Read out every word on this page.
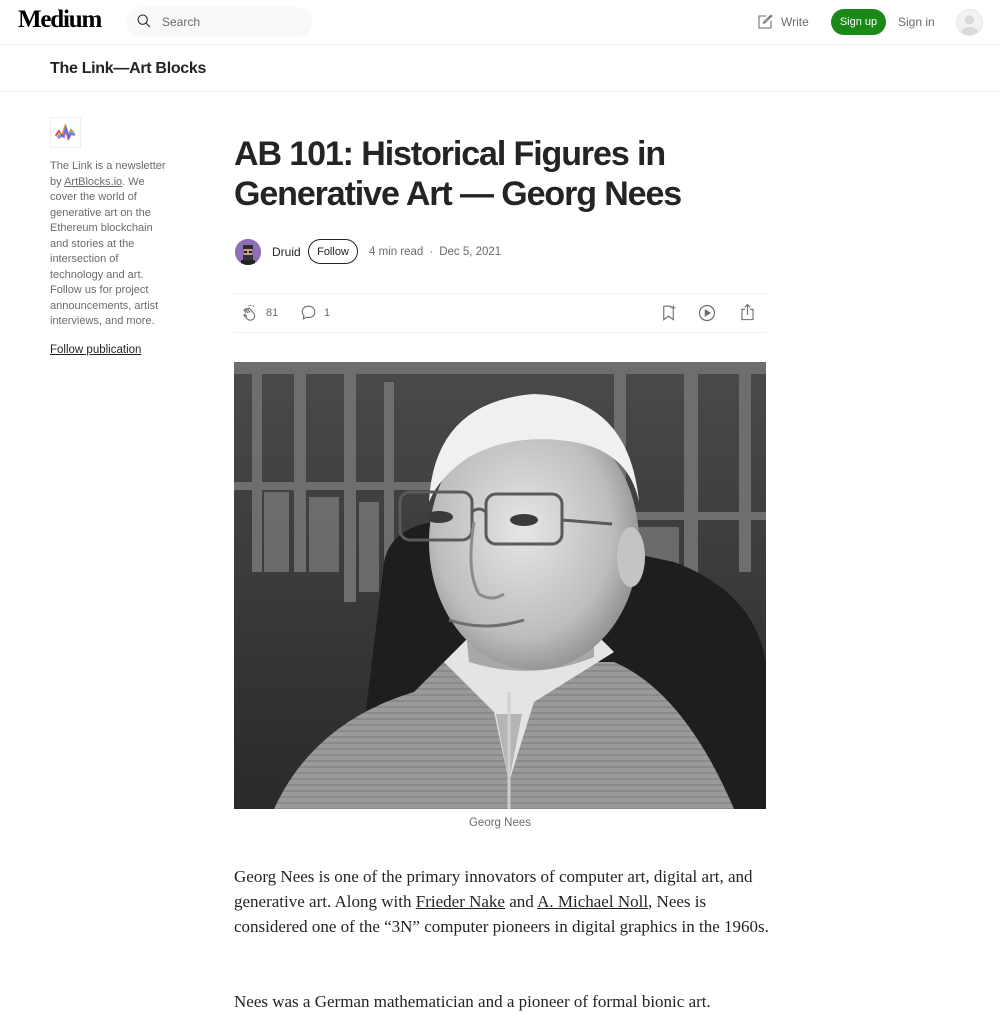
Medium
Search	Write	Sign up	Sign in
The Link—Art Blocks
The Link is a newsletter by ArtBlocks.io. We cover the world of generative art on the Ethereum blockchain and stories at the intersection of technology and art. Follow us for project announcements, artist interviews, and more.
Follow publication
AB 101: Historical Figures in Generative Art — Georg Nees
Druid	Follow	4 min read · Dec 5, 2021
81	1
Georg Nees

Georg Nees is one of the primary innovators of computer art, digital art, and generative art. Along with Frieder Nake and A. Michael Noll, Nees is considered one of the “3N” computer pioneers in digital graphics in the 1960s.

Nees was a German mathematician and a pioneer of formal bionic art.
